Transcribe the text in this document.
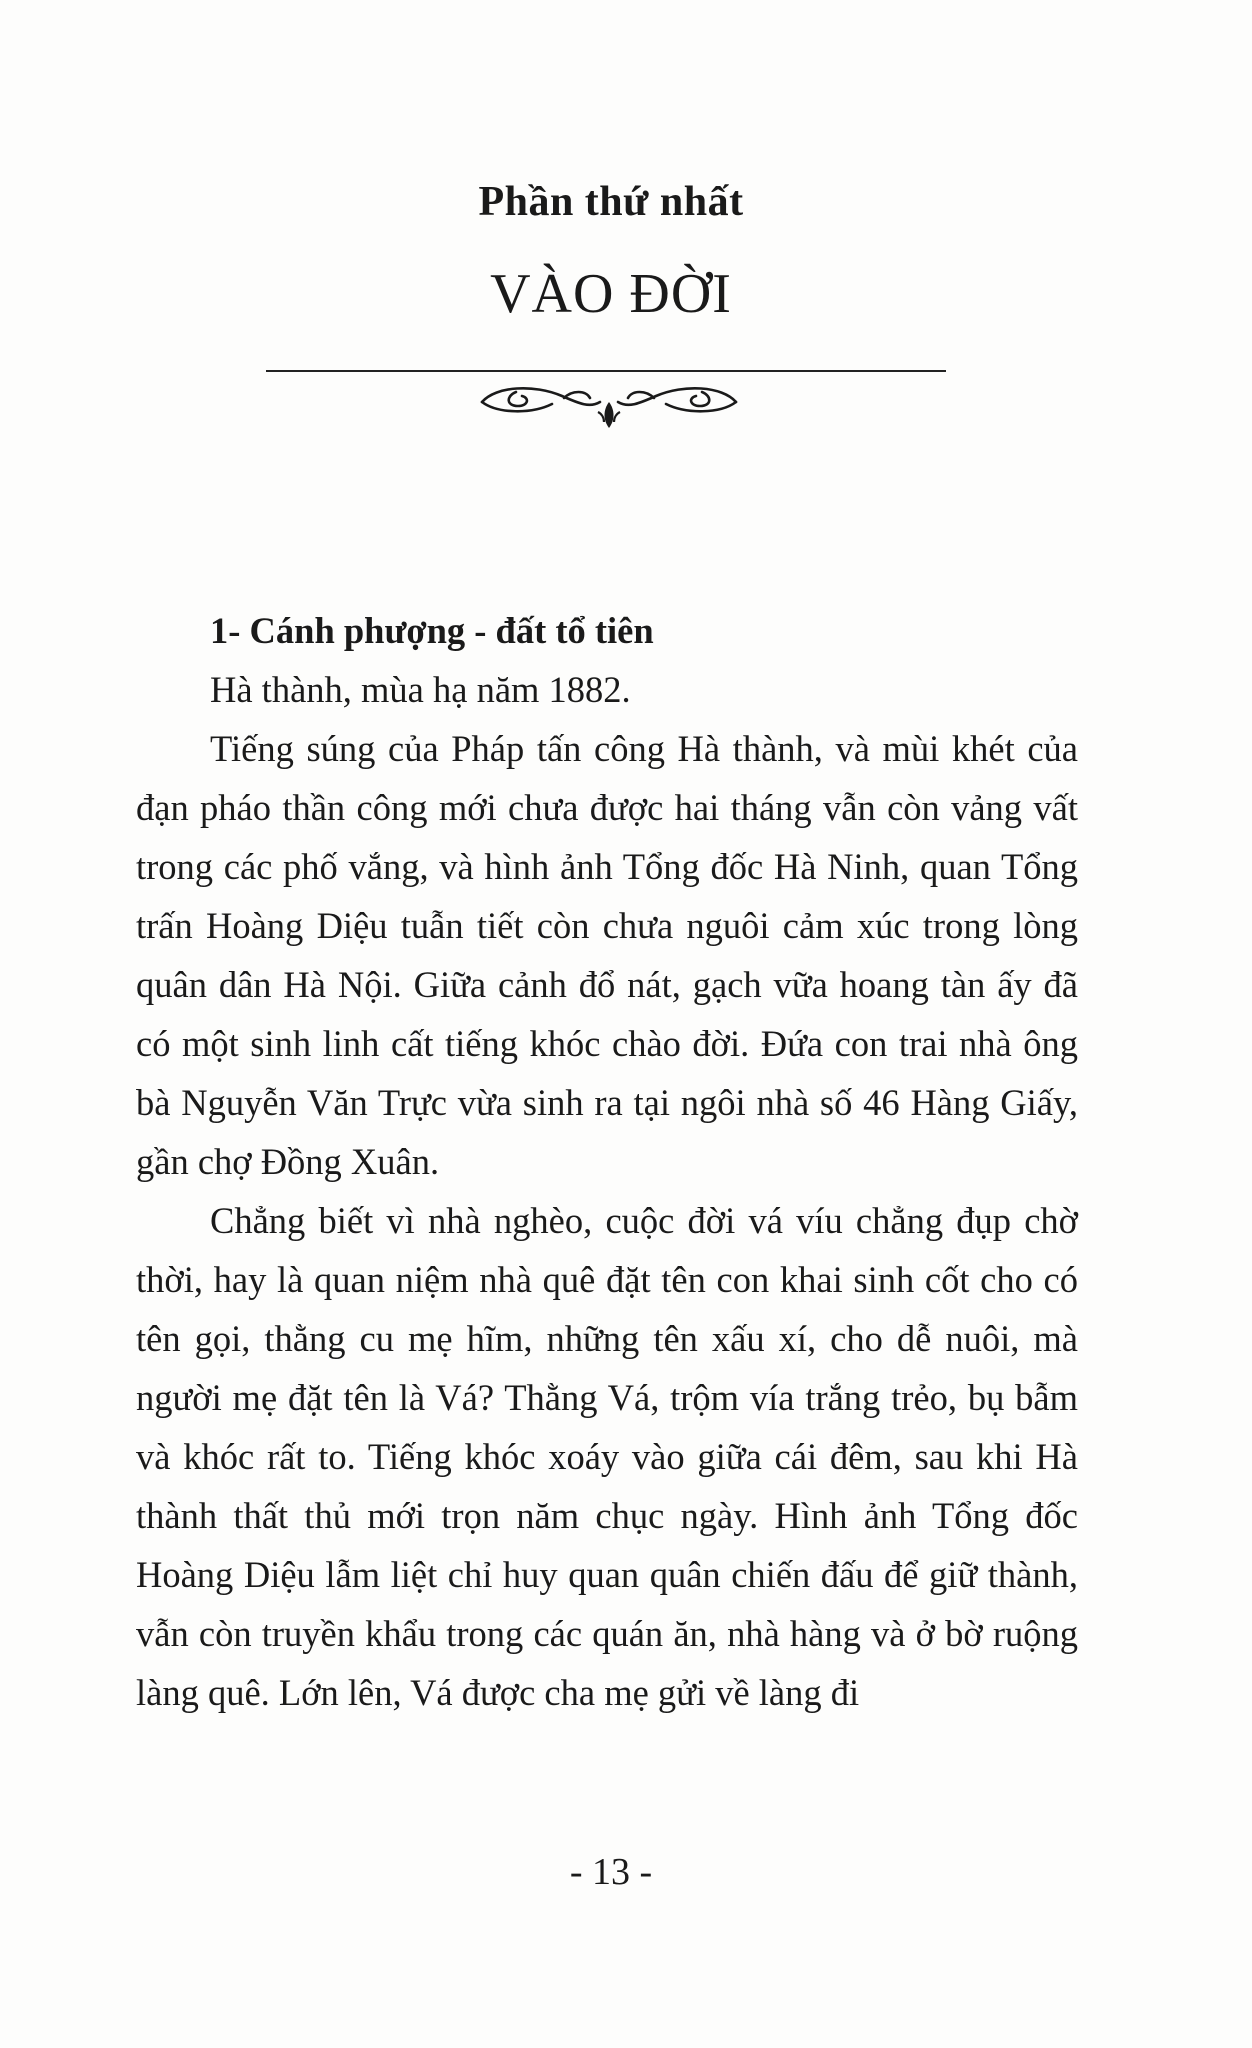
Phần thứ nhất
VÀO ĐỜI

1- Cánh phượng - đất tổ tiên

Hà thành, mùa hạ năm 1882.

Tiếng súng của Pháp tấn công Hà thành, và mùi khét của đạn pháo thần công mới chưa được hai tháng vẫn còn vảng vất trong các phố vắng, và hình ảnh Tổng đốc Hà Ninh, quan Tổng trấn Hoàng Diệu tuẫn tiết còn chưa nguôi cảm xúc trong lòng quân dân Hà Nội. Giữa cảnh đổ nát, gạch vữa hoang tàn ấy đã có một sinh linh cất tiếng khóc chào đời. Đứa con trai nhà ông bà Nguyễn Văn Trực vừa sinh ra tại ngôi nhà số 46 Hàng Giấy, gần chợ Đồng Xuân.

Chẳng biết vì nhà nghèo, cuộc đời vá víu chẳng đụp chờ thời, hay là quan niệm nhà quê đặt tên con khai sinh cốt cho có tên gọi, thằng cu mẹ hĩm, những tên xấu xí, cho dễ nuôi, mà người mẹ đặt tên là Vá? Thằng Vá, trộm vía trắng trẻo, bụ bẫm và khóc rất to. Tiếng khóc xoáy vào giữa cái đêm, sau khi Hà thành thất thủ mới trọn năm chục ngày. Hình ảnh Tổng đốc Hoàng Diệu lẫm liệt chỉ huy quan quân chiến đấu để giữ thành, vẫn còn truyền khẩu trong các quán ăn, nhà hàng và ở bờ ruộng làng quê. Lớn lên, Vá được cha mẹ gửi về làng đi

- 13 -
